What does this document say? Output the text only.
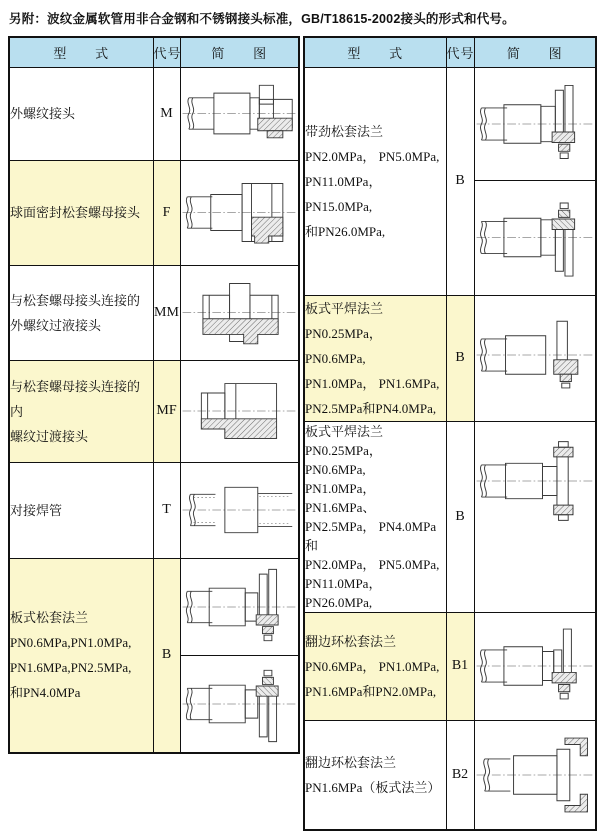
另附：波纹金属软管用非合金钢和不锈钢接头标准，GB/T18615-2002接头的形式和代号。

型      式	代号	简      图

外螺纹接头	M	

球面密封松套螺母接头	F	

与松套螺母接头连接的
外螺纹过液接头	MM	

与松套螺母接头连接的内
螺纹过渡接头	MF	

对接焊管	T	

板式松套法兰
PN0.6MPa,PN1.0MPa,
PN1.6MPa,PN2.5MPa,
和PN4.0MPa	B	
型      式	代号	简      图

带劲松套法兰
PN2.0MPa， PN5.0MPa,
PN11.0MPa， PN15.0MPa,
和PN26.0MPa,	B	

板式平焊法兰
PN0.25MPa， PN0.6MPa,
PN1.0MPa， PN1.6MPa,
PN2.5MPa和PN4.0MPa,	B	

板式平焊法兰
PN0.25MPa， PN0.6MPa,
PN1.0MPa， PN1.6MPa、
PN2.5MPa， PN4.0MPa和
PN2.0MPa， PN5.0MPa,
PN11.0MPa， PN26.0MPa,
	B	

翻边环松套法兰
PN0.6MPa， PN1.0MPa,
PN1.6MPa和PN2.0MPa,	B1	

翻边环松套法兰
PN1.6MPa（板式法兰）	B2	
